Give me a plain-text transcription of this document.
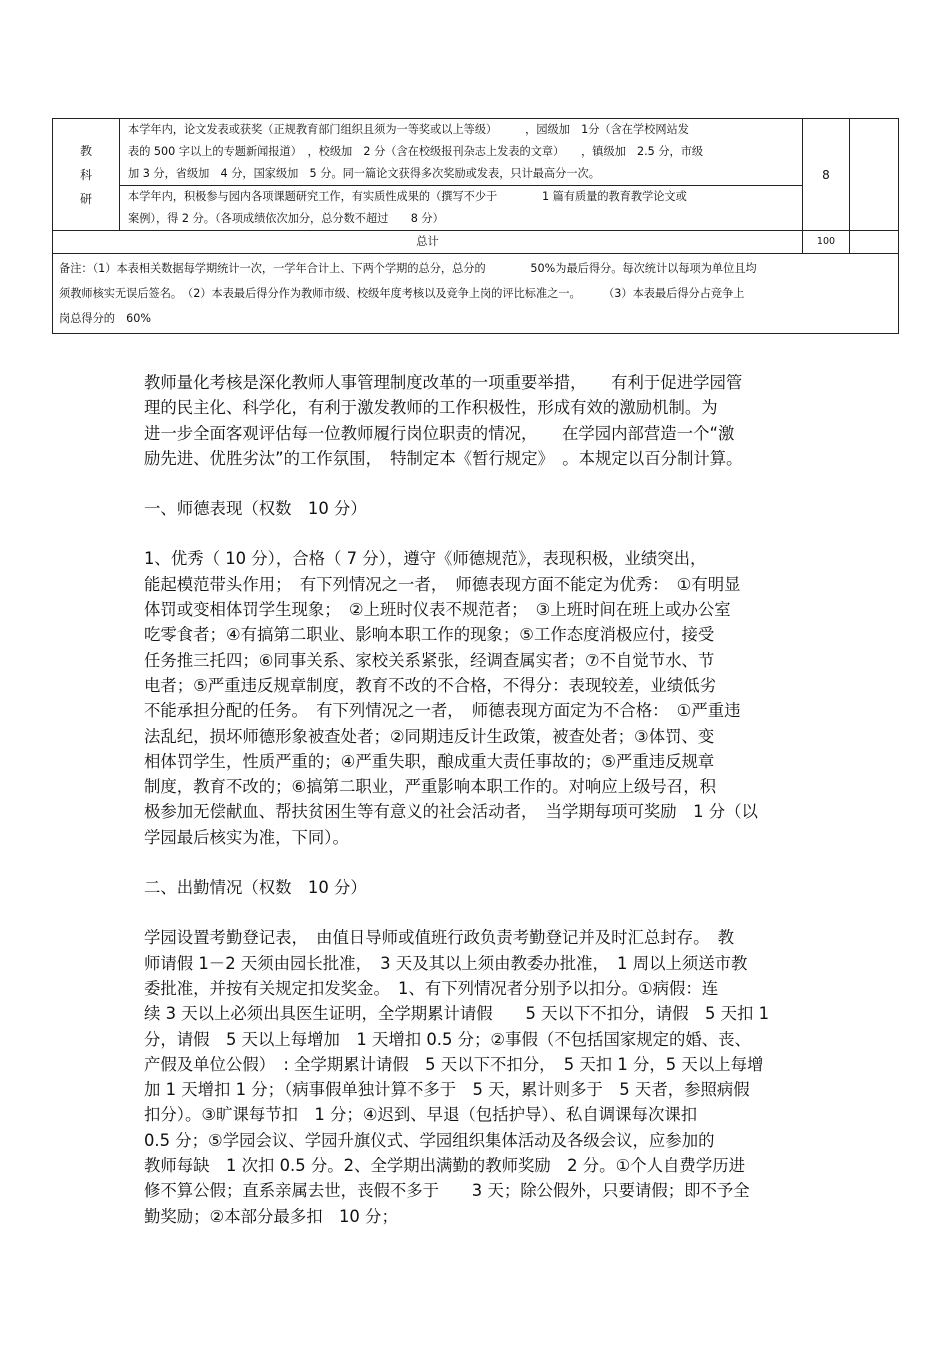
教
科
研
本学年内，论文发表或获奖（正规教育部门组织且须为一等奖或以上等级）　　　，园级加　1分（含在学校网站发
表的 500 字以上的专题新闻报道）　，校级加　2 分（含在校级报刊杂志上发表的文章）　　，镇级加　2.5 分，市级
加 3 分，省级加　4 分，国家级加　5 分。同一篇论文获得多次奖励或发表，只计最高分一次。
本学年内，积极参与园内各项课题研究工作，有实质性成果的（撰写不少于　　　　1 篇有质量的教育教学论文或
案例），得 2 分。（各项成绩依次加分，总分数不超过　　8 分）
8
总计	100
备注：（1）本表相关数据每学期统计一次，一学年合计上、下两个学期的总分，总分的　　　　50%为最后得分。每次统计以每项为单位且均
须教师核实无误后签名。　（2）本表最后得分作为教师市级、校级年度考核以及竞争上岗的评比标准之一。　　　（3）本表最后得分占竞争上
岗总得分的　60%

教师量化考核是深化教师人事管理制度改革的一项重要举措，　　有利于促进学园管

理的民主化、科学化，有利于激发教师的工作积极性，形成有效的激励机制。为

进一步全面客观评估每一位教师履行岗位职责的情况，　　在学园内部营造一个“激

励先进、优胜劣汰”的工作氛围，　特制定本《暂行规定》　。本规定以百分制计算。

一、师德表现（权数　10 分）

1、优秀（ 10 分），合格（ 7 分），遵守《师德规范》，表现积极，业绩突出，

能起模范带头作用；　有下列情况之一者，　师德表现方面不能定为优秀：　①有明显

体罚或变相体罚学生现象；　②上班时仪表不规范者；　③上班时间在班上或办公室

吃零食者；④有搞第二职业、影响本职工作的现象；⑤工作态度消极应付，接受

任务推三托四；⑥同事关系、家校关系紧张，经调查属实者；⑦不自觉节水、节

电者；⑤严重违反规章制度，教育不改的不合格，不得分：表现较差，业绩低劣

不能承担分配的任务。　有下列情况之一者，　师德表现方面定为不合格：　①严重违

法乱纪，损坏师德形象被查处者；②同期违反计生政策，被查处者；③体罚、变

相体罚学生，性质严重的；④严重失职，酿成重大责任事故的；⑤严重违反规章

制度，教育不改的；⑥搞第二职业，严重影响本职工作的。对响应上级号召，积

极参加无偿献血、帮扶贫困生等有意义的社会活动者，　当学期每项可奖励　1 分（以

学园最后核实为准，下同）。

二、出勤情况（权数　10 分）

学园设置考勤登记表，　由值日导师或值班行政负责考勤登记并及时汇总封存。　教

师请假 1－2 天须由园长批准，　3 天及其以上须由教委办批准，　1 周以上须送市教

委批准，并按有关规定扣发奖金。　1、有下列情况者分别予以扣分。①病假：连

续 3 天以上必须出具医生证明，全学期累计请假　　5 天以下不扣分，请假　5 天扣 1

分，请假　5 天以上每增加　1 天增扣 0.5 分；②事假（不包括国家规定的婚、丧、

产假及单位公假）　: 全学期累计请假　5 天以下不扣分，　5 天扣 1 分，5 天以上每增

加 1 天增扣 1 分；（病事假单独计算不多于　5 天，累计则多于　5 天者，参照病假

扣分）。③旷课每节扣　1 分；④迟到、早退（包括护导）、私自调课每次课扣

0.5 分；⑤学园会议、学园升旗仪式、学园组织集体活动及各级会议，应参加的

教师每缺　1 次扣 0.5 分。2、全学期出满勤的教师奖励　2 分。①个人自费学历进

修不算公假；直系亲属去世，丧假不多于　　3 天；除公假外，只要请假；即不予全

勤奖励；②本部分最多扣　10 分；
